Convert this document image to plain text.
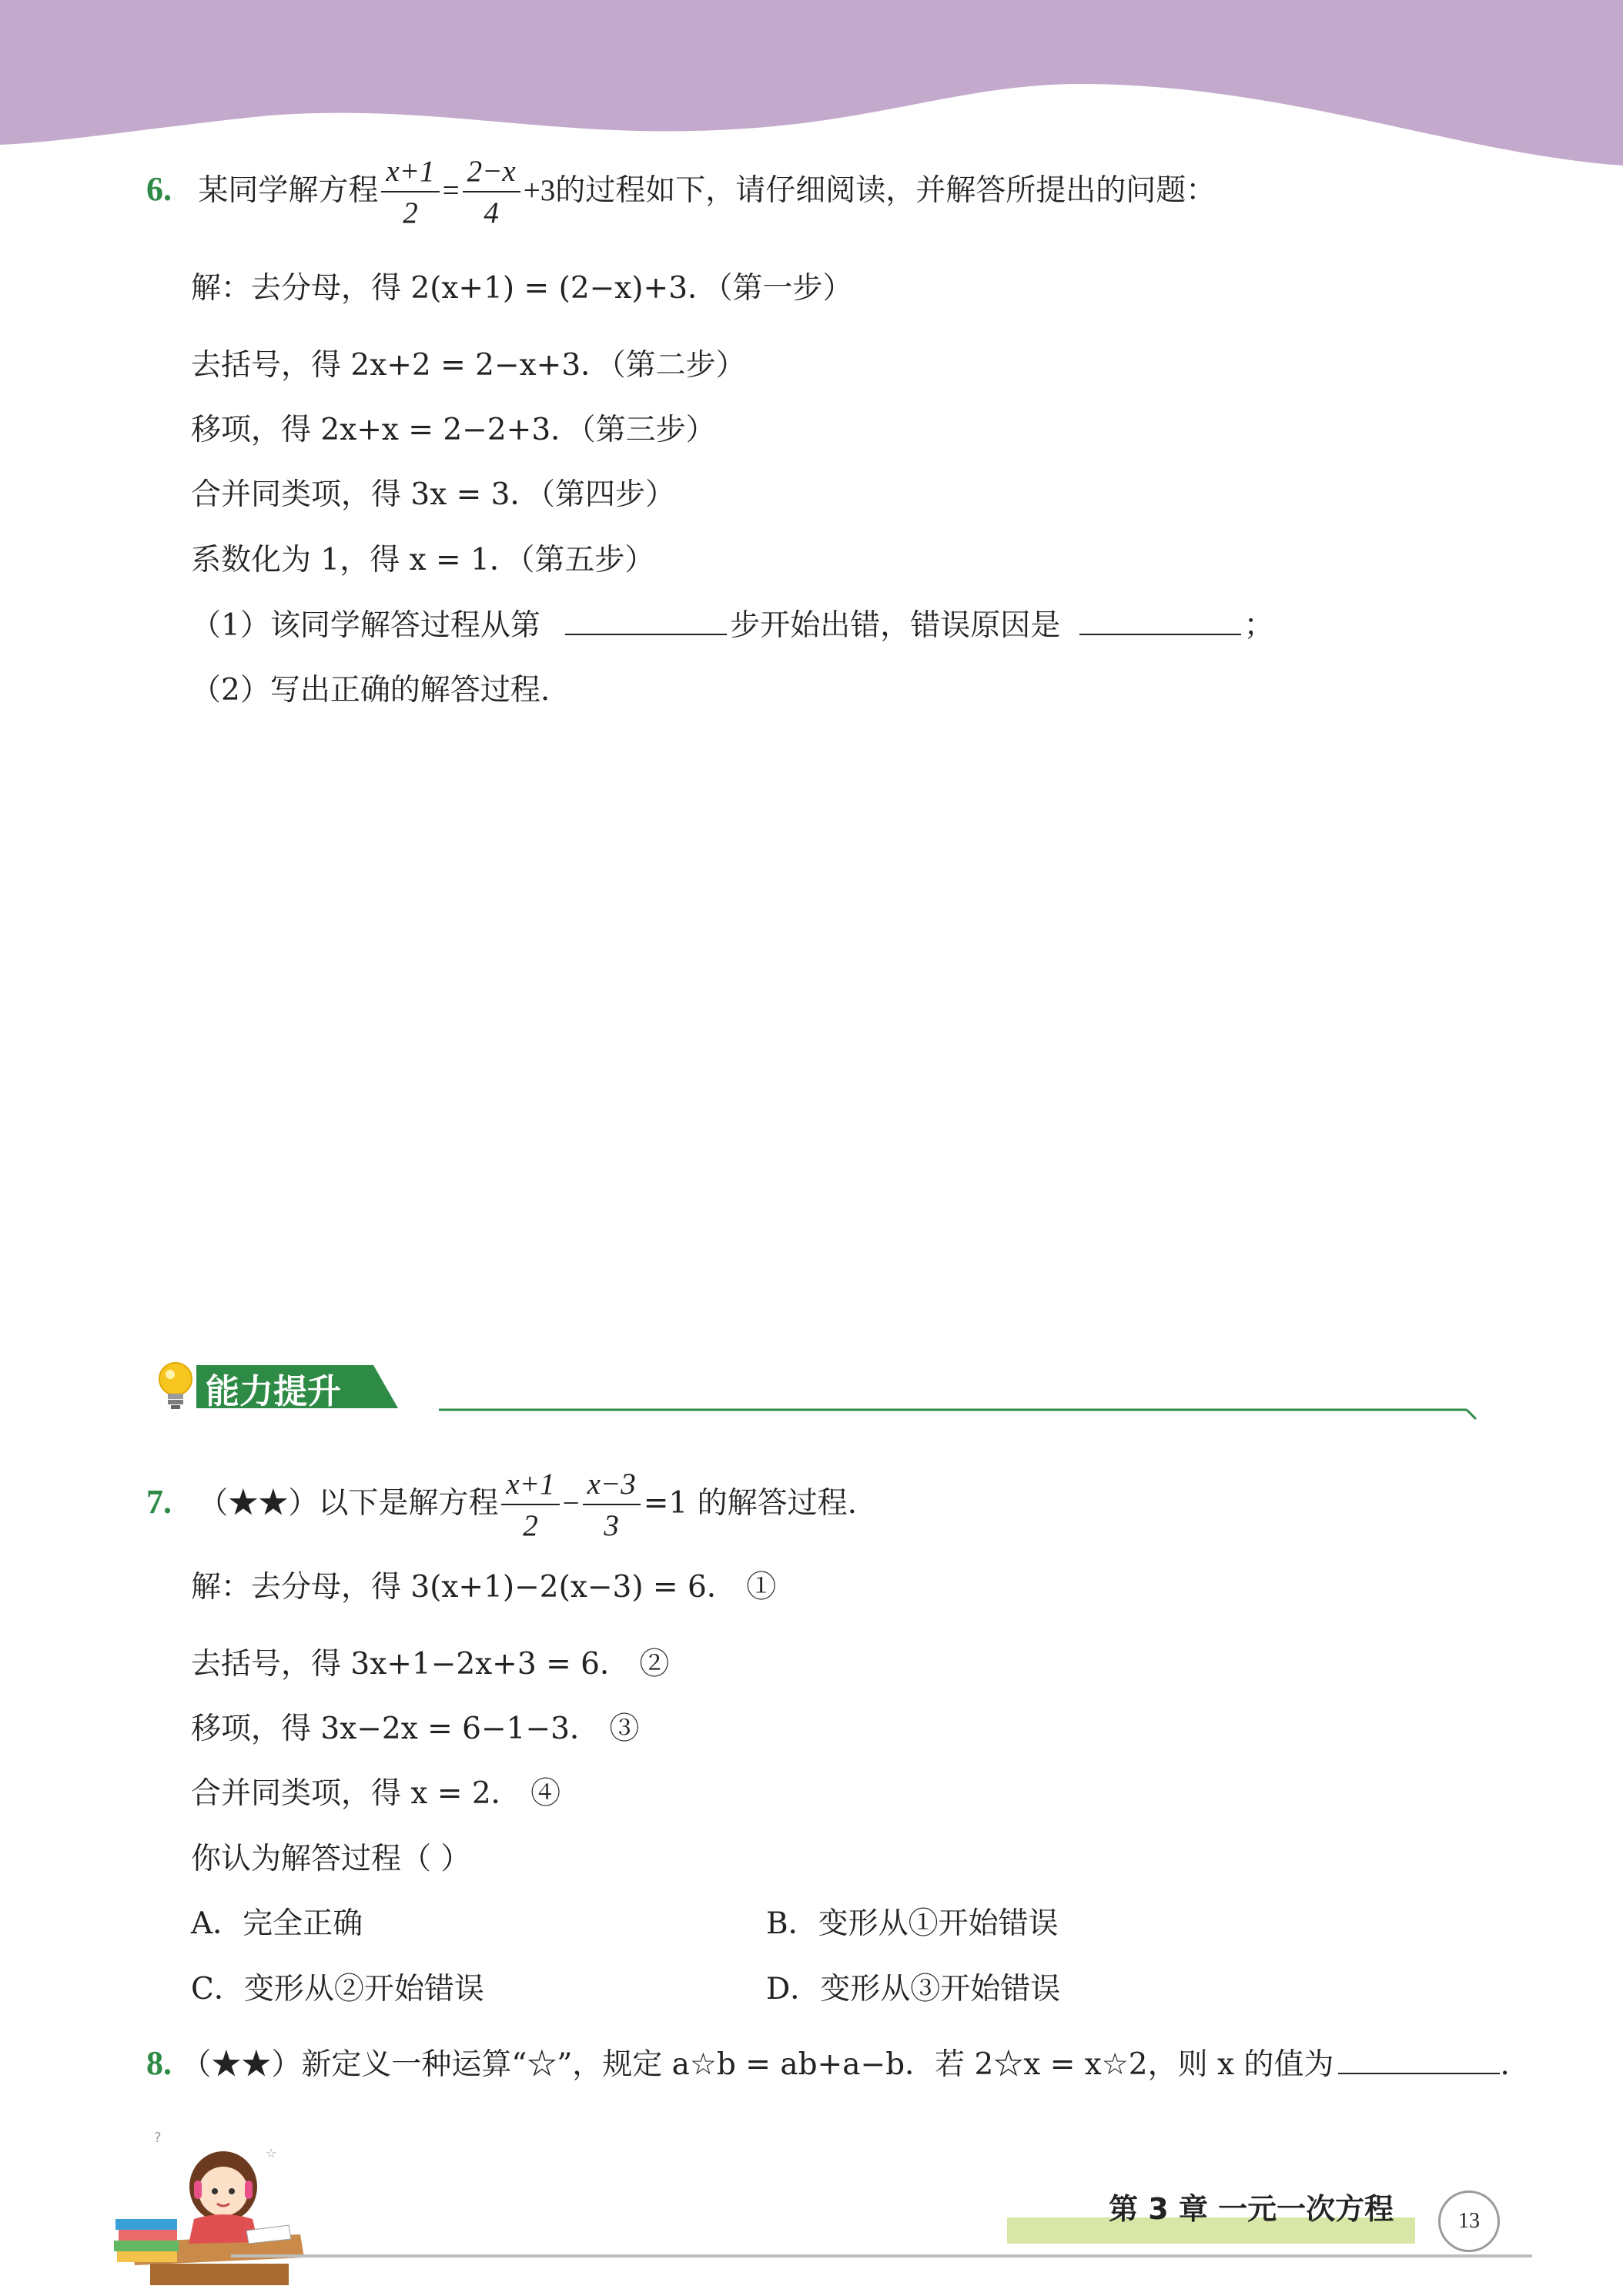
6. 某同学解方程 $\frac{x+1}{2} = \frac{2-x}{4} +3$的过程如下，请仔细阅读，并解答所提出的问题：
解：去分母，得 2(x+1) = (2−x)+3．（第一步）
去括号，得 2x+2 = 2−x+3．（第二步）
移项，得 2x+x = 2−2+3．（第三步）
合并同类项，得 3x = 3．（第四步）
系数化为 1，得 x = 1．（第五步）
（1）该同学解答过程从第	步开始出错，错误原因是	；
（2）写出正确的解答过程.
能力提升
7. （★★）以下是解方程 $\frac{x+1}{2} - \frac{x-3}{3} =1$ 的解答过程.
解：去分母，得 3(x+1)−2(x−3) = 6． ①
去括号，得 3x+1−2x+3 = 6． ②
移项，得 3x−2x = 6−1−3． ③
合并同类项，得 x = 2． ④
你认为解答过程（ ）
A．完全正确	B．变形从①开始错误
C．变形从②开始错误	D．变形从③开始错误
8. （★★）新定义一种运算“☆”，规定 a☆b = ab+a−b．若 2☆x = x☆2，则 x 的值为	.
?
☆
第 3 章 一元一次方程	13
